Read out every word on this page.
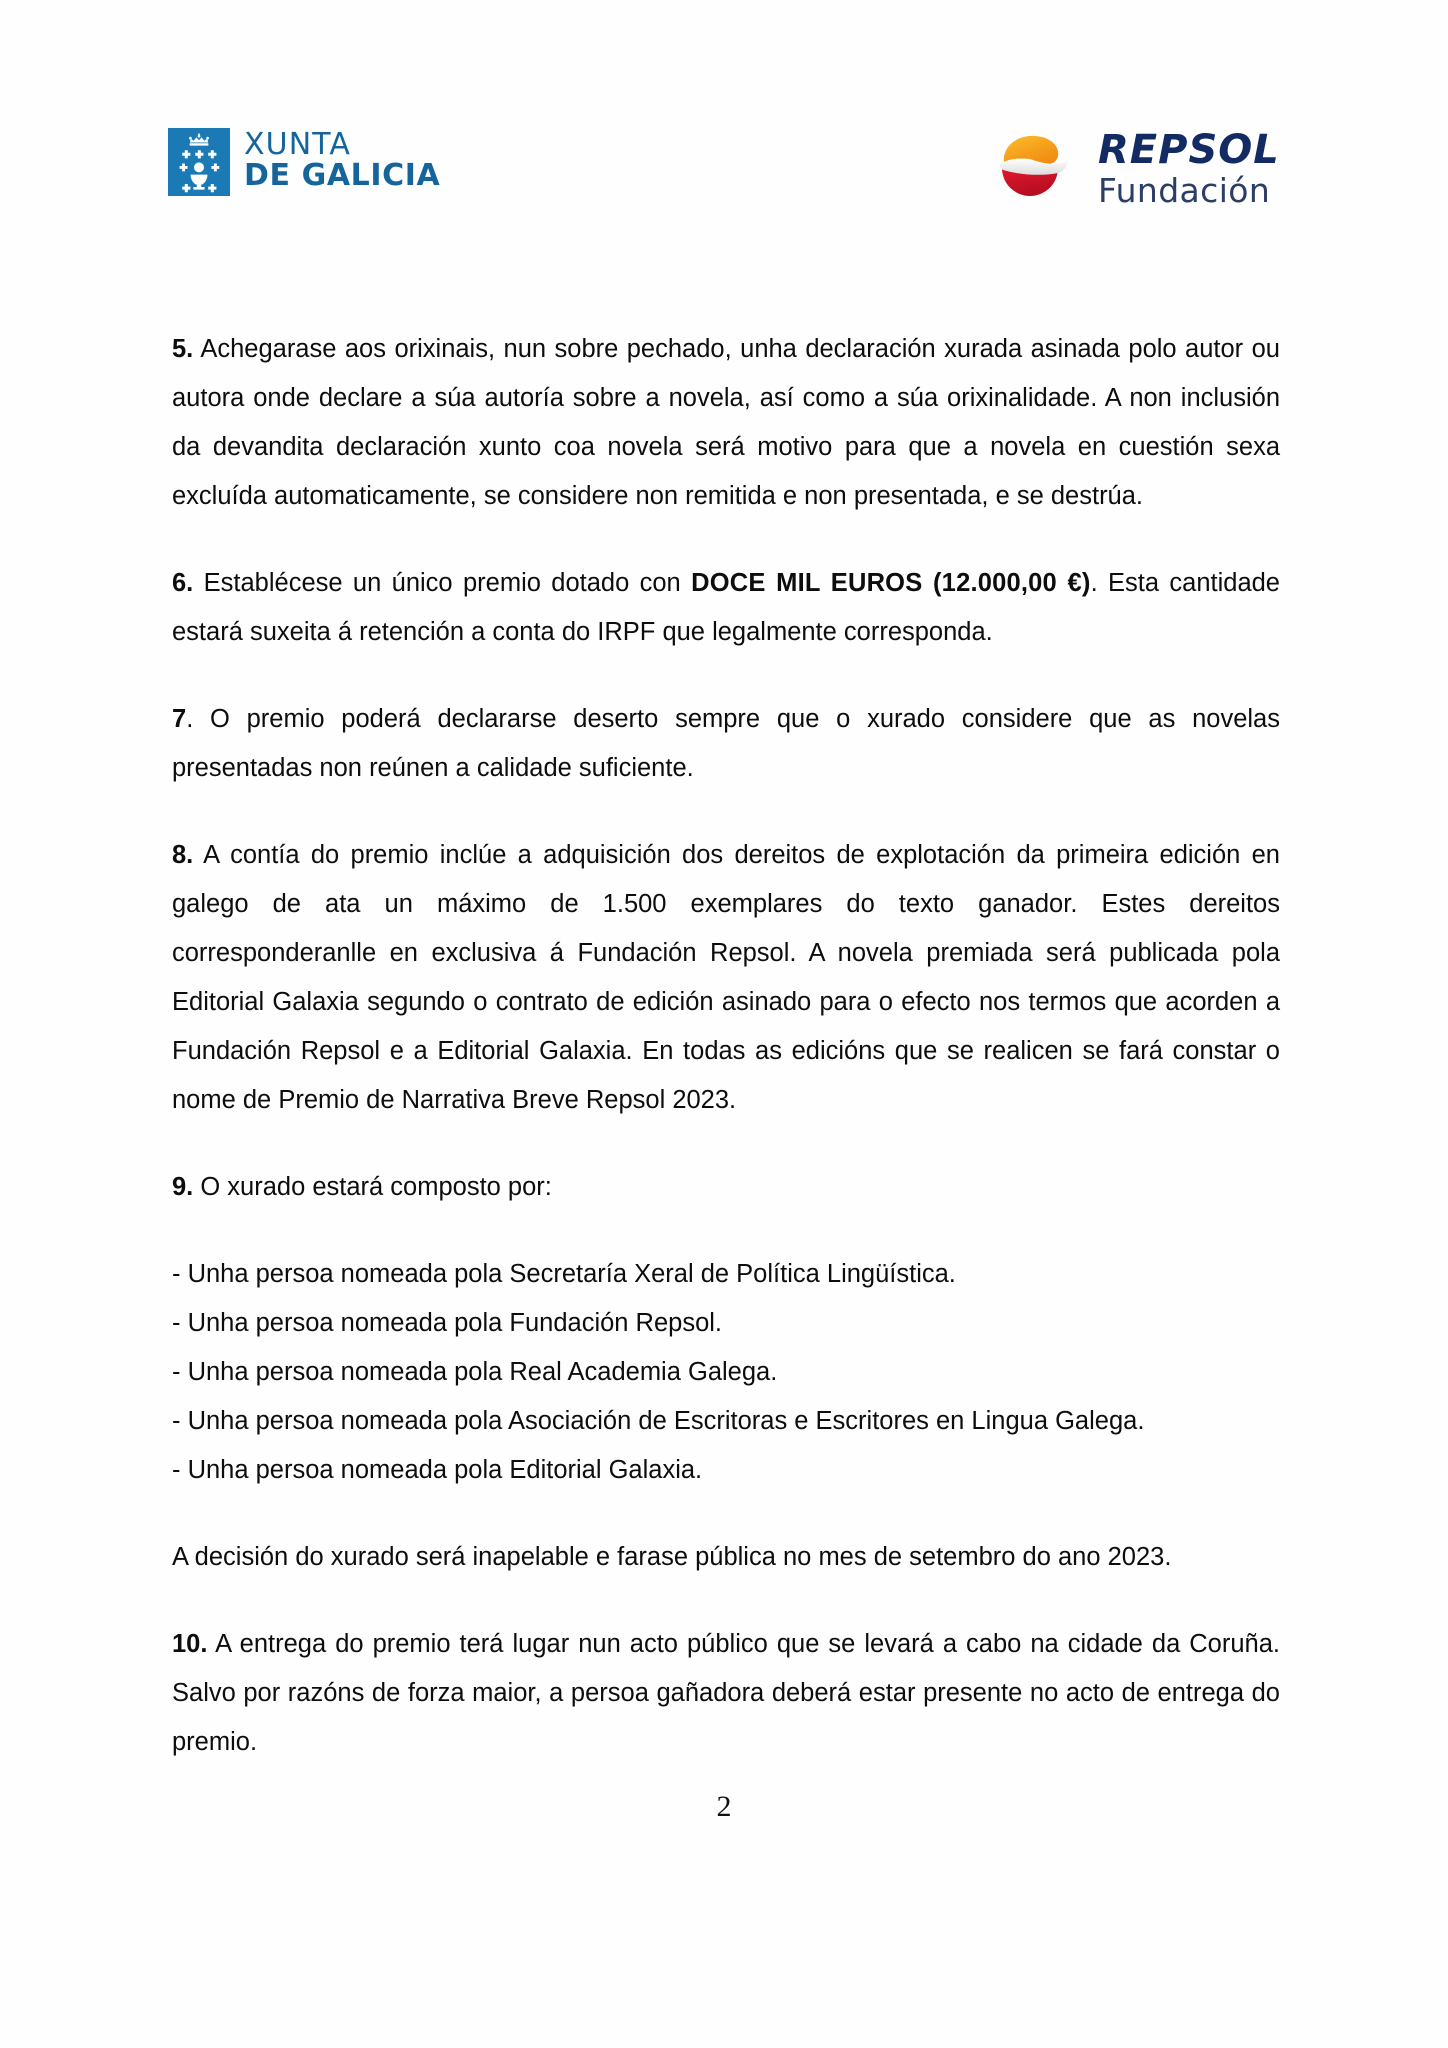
XUNTA
DE GALICIA
REPSOL
Fundación

5. Achegarase aos orixinais, nun sobre pechado, unha declaración xurada asinada polo autor ou autora onde declare a súa autoría sobre a novela, así como a súa orixinalidade. A non inclusión da devandita declaración xunto coa novela será motivo para que a novela en cuestión sexa excluída automaticamente, se considere non remitida e non presentada, e se destrúa.

6. Establécese un único premio dotado con DOCE MIL EUROS (12.000,00 €). Esta cantidade estará suxeita á retención a conta do IRPF que legalmente corresponda.

7. O premio poderá declararse deserto sempre que o xurado considere que as novelas presentadas non reúnen a calidade suficiente.

8. A contía do premio inclúe a adquisición dos dereitos de explotación da primeira edición en galego de ata un máximo de 1.500 exemplares do texto ganador. Estes dereitos corresponderanlle en exclusiva á Fundación Repsol. A novela premiada será publicada pola Editorial Galaxia segundo o contrato de edición asinado para o efecto nos termos que acorden a Fundación Repsol e a Editorial Galaxia. En todas as edicións que se realicen se fará constar o nome de Premio de Narrativa Breve Repsol 2023.

9. O xurado estará composto por:

- Unha persoa nomeada pola Secretaría Xeral de Política Lingüística.
- Unha persoa nomeada pola Fundación Repsol.
- Unha persoa nomeada pola Real Academia Galega.
- Unha persoa nomeada pola Asociación de Escritoras e Escritores en Lingua Galega.
- Unha persoa nomeada pola Editorial Galaxia.

A decisión do xurado será inapelable e farase pública no mes de setembro do ano 2023.

10. A entrega do premio terá lugar nun acto público que se levará a cabo na cidade da Coruña. Salvo por razóns de forza maior, a persoa gañadora deberá estar presente no acto de entrega do premio.

2
